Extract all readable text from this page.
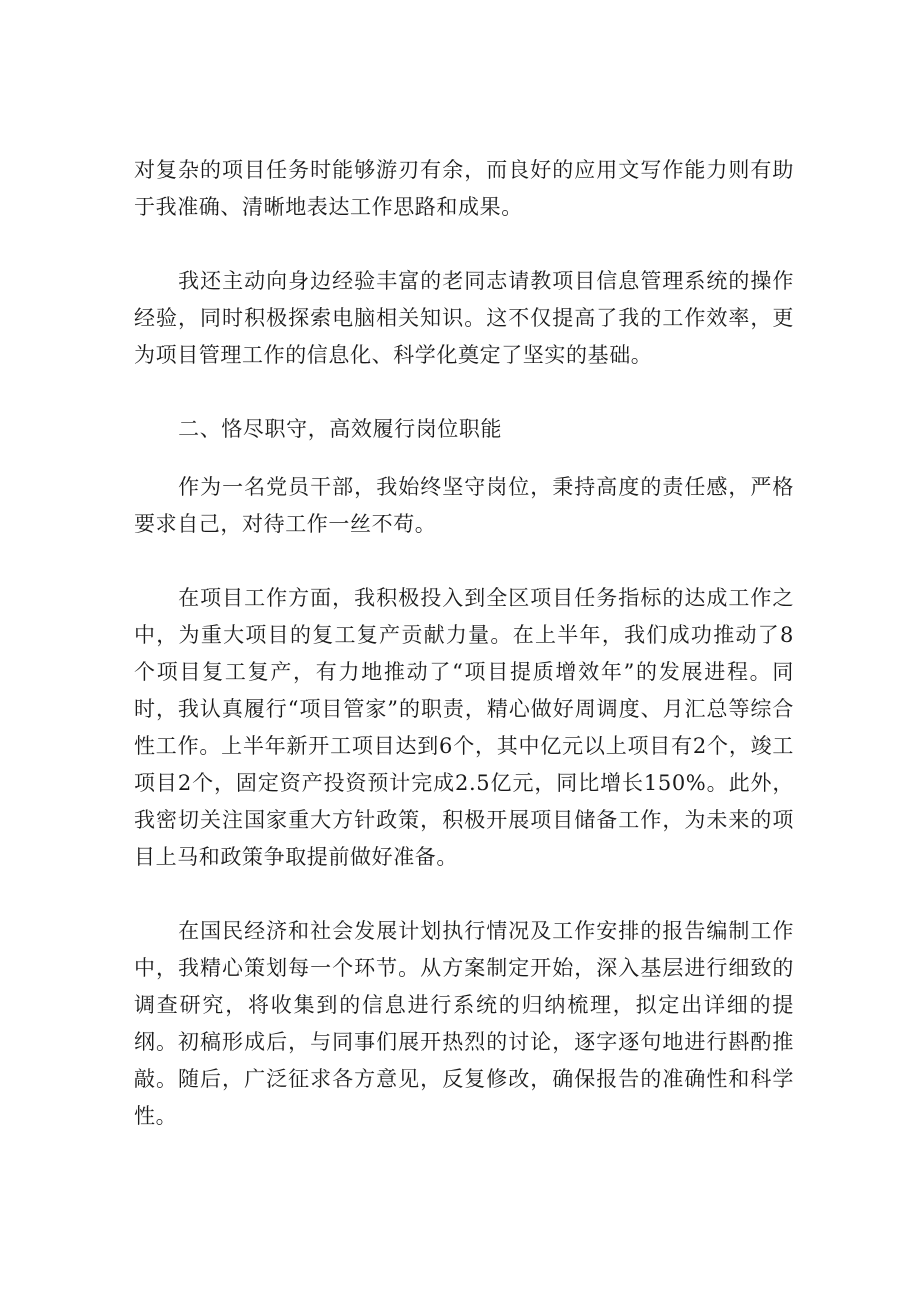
对复杂的项目任务时能够游刃有余，而良好的应用文写作能力则有助于我准确、清晰地表达工作思路和成果。

我还主动向身边经验丰富的老同志请教项目信息管理系统的操作经验，同时积极探索电脑相关知识。这不仅提高了我的工作效率，更为项目管理工作的信息化、科学化奠定了坚实的基础。

二、恪尽职守，高效履行岗位职能

作为一名党员干部，我始终坚守岗位，秉持高度的责任感，严格要求自己，对待工作一丝不苟。

在项目工作方面，我积极投入到全区项目任务指标的达成工作之中，为重大项目的复工复产贡献力量。在上半年，我们成功推动了8个项目复工复产，有力地推动了“项目提质增效年”的发展进程。同时，我认真履行“项目管家”的职责，精心做好周调度、月汇总等综合性工作。上半年新开工项目达到6个，其中亿元以上项目有2个，竣工项目2个，固定资产投资预计完成2.5亿元，同比增长150%。此外，我密切关注国家重大方针政策，积极开展项目储备工作，为未来的项目上马和政策争取提前做好准备。

在国民经济和社会发展计划执行情况及工作安排的报告编制工作中，我精心策划每一个环节。从方案制定开始，深入基层进行细致的调查研究，将收集到的信息进行系统的归纳梳理，拟定出详细的提纲。初稿形成后，与同事们展开热烈的讨论，逐字逐句地进行斟酌推敲。随后，广泛征求各方意见，反复修改，确保报告的准确性和科学性。
